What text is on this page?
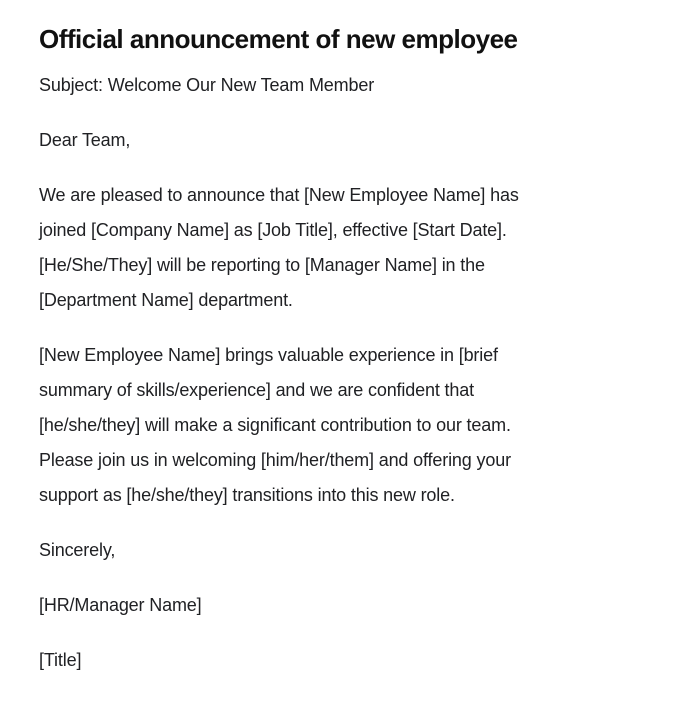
Official announcement of new employee

Subject: Welcome Our New Team Member

Dear Team,

We are pleased to announce that [New Employee Name] has
joined [Company Name] as [Job Title], effective [Start Date].
[He/She/They] will be reporting to [Manager Name] in the
[Department Name] department.

[New Employee Name] brings valuable experience in [brief
summary of skills/experience] and we are confident that
[he/she/they] will make a significant contribution to our team.
Please join us in welcoming [him/her/them] and offering your
support as [he/she/they] transitions into this new role.

Sincerely,

[HR/Manager Name]

[Title]
